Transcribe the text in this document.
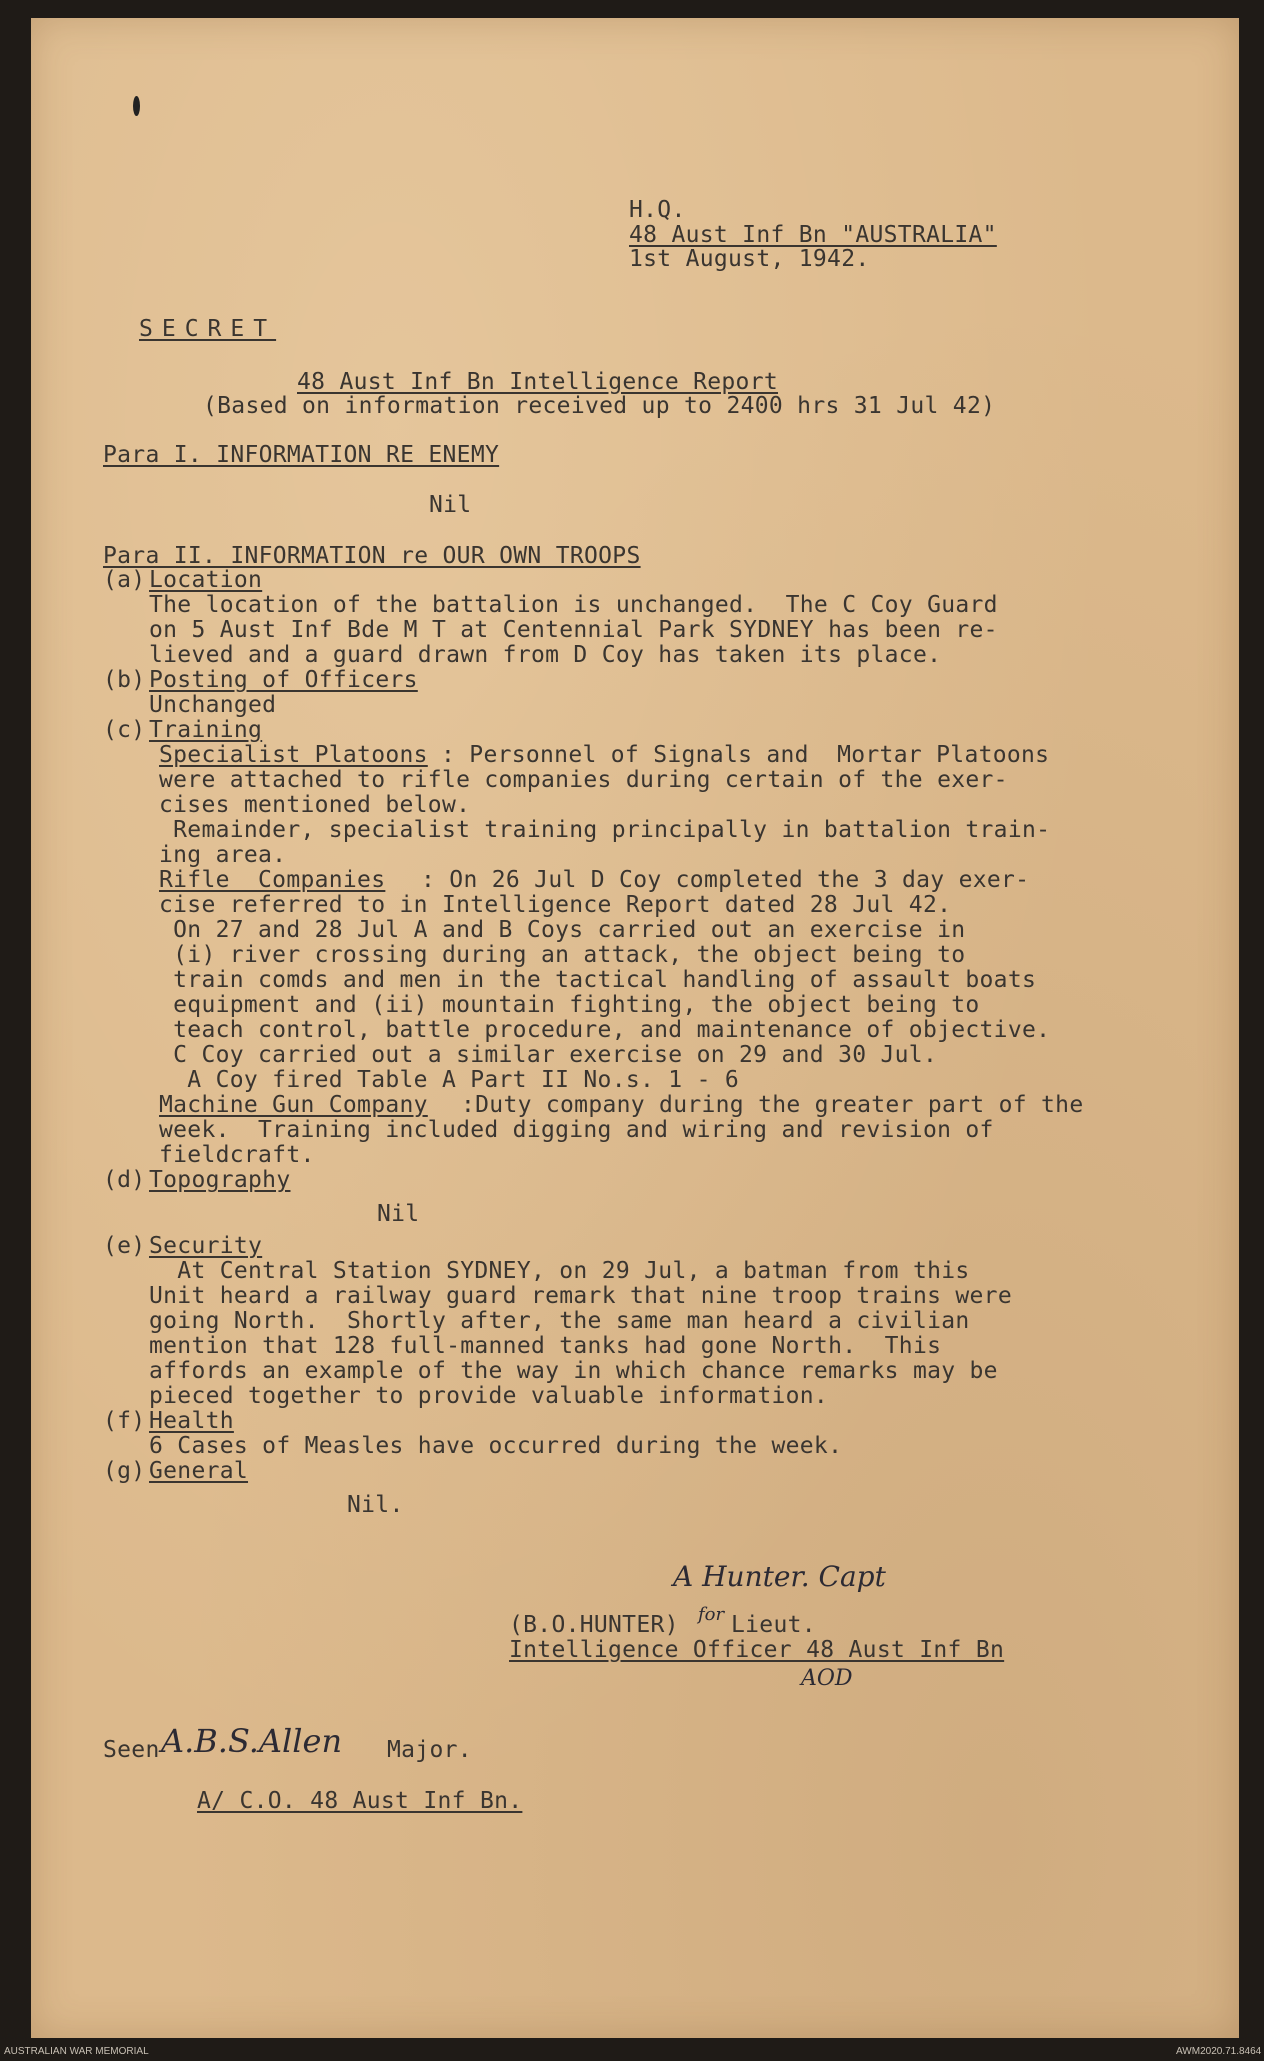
H.Q.
48 Aust Inf Bn "AUSTRALIA"
1st August, 1942.
SECRET
48 Aust Inf Bn Intelligence Report
(Based on information received up to 2400 hrs 31 Jul 42)
Para I. INFORMATION RE ENEMY
Nil
Para II. INFORMATION re OUR OWN TROOPS
(a) Location
The location of the battalion is unchanged.  The C Coy Guard
on 5 Aust Inf Bde M T at Centennial Park SYDNEY has been re-
lieved and a guard drawn from D Coy has taken its place.
(b) Posting of Officers
Unchanged
(c) Training
Specialist Platoons : Personnel of Signals and  Mortar Platoons
were attached to rifle companies during certain of the exer-
cises mentioned below.
Remainder, specialist training principally in battalion train-
ing area.
Rifle  Companies : On 26 Jul D Coy completed the 3 day exer-
cise referred to in Intelligence Report dated 28 Jul 42.
On 27 and 28 Jul A and B Coys carried out an exercise in
(i) river crossing during an attack, the object being to
train comds and men in the tactical handling of assault boats
equipment and (ii) mountain fighting, the object being to
teach control, battle procedure, and maintenance of objective.
C Coy carried out a similar exercise on 29 and 30 Jul.
A Coy fired Table A Part II No.s. 1 - 6
Machine Gun Company :Duty company during the greater part of the
week.  Training included digging and wiring and revision of
fieldcraft.
(d) Topography
Nil
(e) Security
At Central Station SYDNEY, on 29 Jul, a batman from this
Unit heard a railway guard remark that nine troop trains were
going North.  Shortly after, the same man heard a civilian
mention that 128 full-manned tanks had gone North.  This
affords an example of the way in which chance remarks may be
pieced together to provide valuable information.
(f) Health
6 Cases of Measles have occurred during the week.
(g) General
Nil.
A Hunter. Capt
(B.O.HUNTER) for Lieut.
Intelligence Officer 48 Aust Inf Bn
AOD
Seen A.B.S.Allen Major.
A/ C.O. 48 Aust Inf Bn.
AUSTRALIAN WAR MEMORIAL	AWM2020.71.8464
